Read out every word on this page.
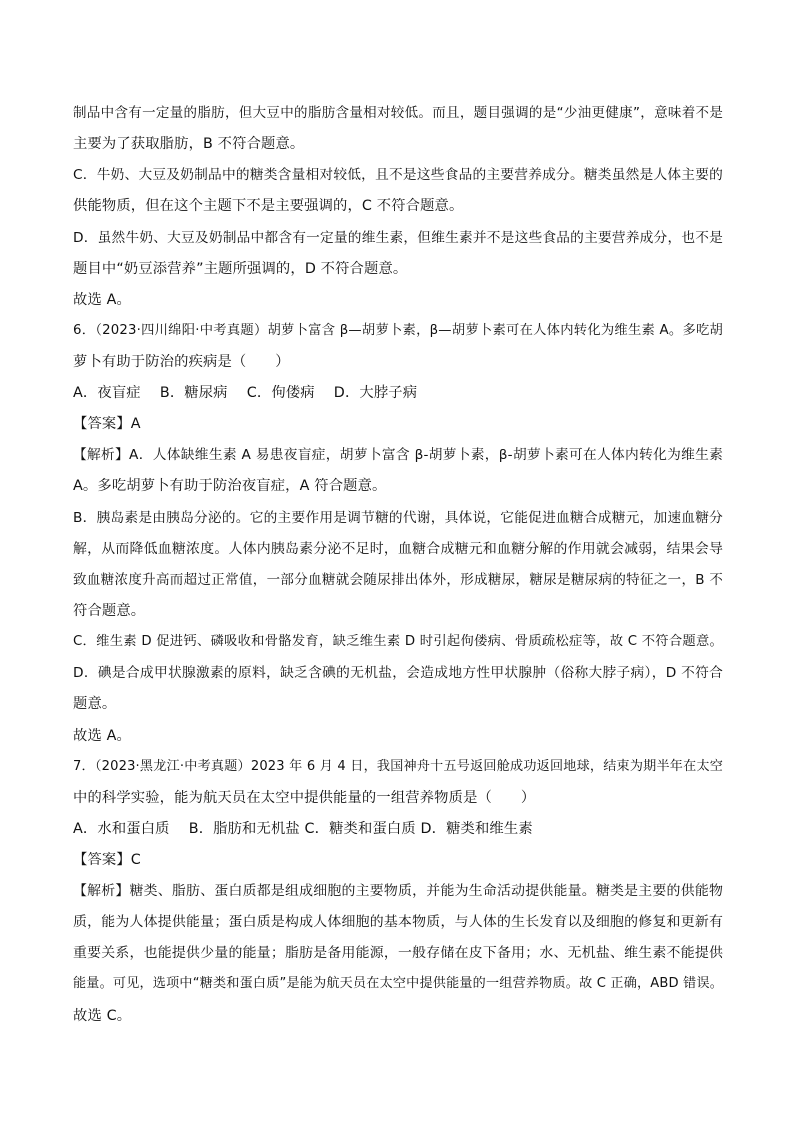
制品中含有一定量的脂肪，但大豆中的脂肪含量相对较低。而且，题目强调的是“少油更健康”，意味着不是
主要为了获取脂肪，B 不符合题意。
C．牛奶、大豆及奶制品中的糖类含量相对较低，且不是这些食品的主要营养成分。糖类虽然是人体主要的
供能物质，但在这个主题下不是主要强调的，C 不符合题意。
D．虽然牛奶、大豆及奶制品中都含有一定量的维生素，但维生素并不是这些食品的主要营养成分，也不是
题目中“奶豆添营养”主题所强调的，D 不符合题意。
故选 A。
6．（2023·四川绵阳·中考真题）胡萝卜富含 β—胡萝卜素，β—胡萝卜素可在人体内转化为维生素 A。多吃胡
萝卜有助于防治的疾病是（　　）
A．夜盲症　 B．糖尿病　 C．佝偻病　 D．大脖子病
【答案】A
【解析】A．人体缺维生素 A 易患夜盲症，胡萝卜富含 β-胡萝卜素，β-胡萝卜素可在人体内转化为维生素
A。多吃胡萝卜有助于防治夜盲症，A 符合题意。
B．胰岛素是由胰岛分泌的。它的主要作用是调节糖的代谢，具体说，它能促进血糖合成糖元，加速血糖分
解，从而降低血糖浓度。人体内胰岛素分泌不足时，血糖合成糖元和血糖分解的作用就会减弱，结果会导
致血糖浓度升高而超过正常值，一部分血糖就会随尿排出体外，形成糖尿，糖尿是糖尿病的特征之一，B 不
符合题意。
C．维生素 D 促进钙、磷吸收和骨骼发育，缺乏维生素 D 时引起佝偻病、骨质疏松症等，故 C 不符合题意。
D．碘是合成甲状腺激素的原料，缺乏含碘的无机盐，会造成地方性甲状腺肿（俗称大脖子病），D 不符合
题意。
故选 A。
7．（2023·黑龙江·中考真题）2023 年 6 月 4 日，我国神舟十五号返回舱成功返回地球，结束为期半年在太空
中的科学实验，能为航天员在太空中提供能量的一组营养物质是（　　）
A．水和蛋白质　 B．脂肪和无机盐 C．糖类和蛋白质 D．糖类和维生素
【答案】C
【解析】糖类、脂肪、蛋白质都是组成细胞的主要物质，并能为生命活动提供能量。糖类是主要的供能物
质，能为人体提供能量；蛋白质是构成人体细胞的基本物质，与人体的生长发育以及细胞的修复和更新有
重要关系，也能提供少量的能量；脂肪是备用能源，一般存储在皮下备用；水、无机盐、维生素不能提供
能量。可见，选项中“糖类和蛋白质”是能为航天员在太空中提供能量的一组营养物质。故 C 正确，ABD 错误。
故选 C。
